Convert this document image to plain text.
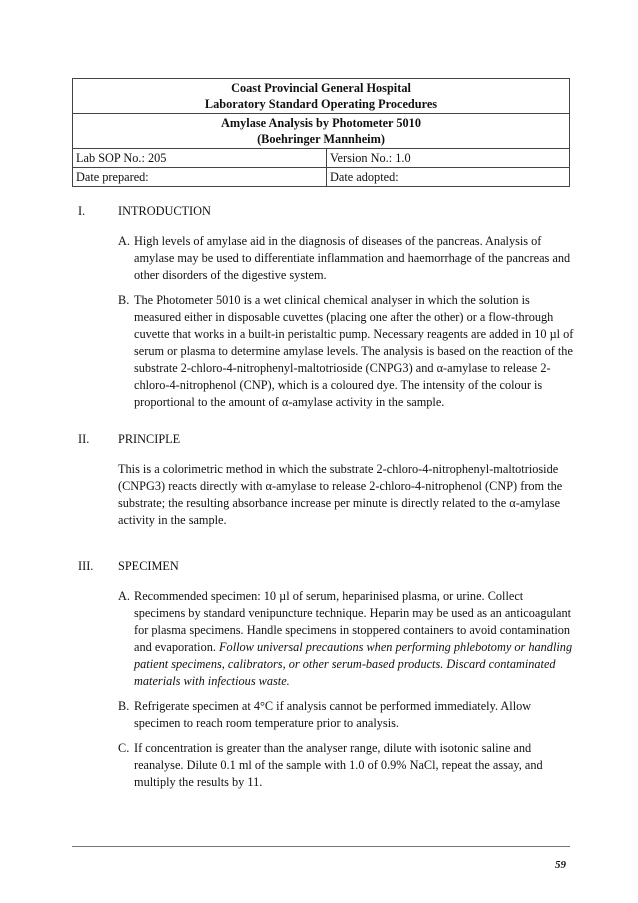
Coast Provincial General Hospital
Laboratory Standard Operating Procedures	

Amylase Analysis by Photometer 5010
(Boehringer Mannheim)	

Lab SOP No.: 205	Version No.: 1.0
Date prepared:	Date adopted:
I.	INTRODUCTION
A. High levels of amylase aid in the diagnosis of diseases of the pancreas. Analysis of amylase may be used to differentiate inflammation and haemorrhage of the pancreas and other disorders of the digestive system.
B. The Photometer 5010 is a wet clinical chemical analyser in which the solution is measured either in disposable cuvettes (placing one after the other) or a flow-through cuvette that works in a built-in peristaltic pump. Necessary reagents are added in 10 µl of serum or plasma to determine amylase levels. The analysis is based on the reaction of the substrate 2-chloro-4-nitrophenyl-maltotrioside (CNPG3) and α-amylase to release 2-chloro-4-nitrophenol (CNP), which is a coloured dye. The intensity of the colour is proportional to the amount of α-amylase activity in the sample.
II. PRINCIPLE
This is a colorimetric method in which the substrate 2-chloro-4-nitrophenyl-maltotrioside (CNPG3) reacts directly with α-amylase to release 2-chloro-4-nitrophenol (CNP) from the substrate; the resulting absorbance increase per minute is directly related to the α-amylase activity in the sample.
III. SPECIMEN
A. Recommended specimen: 10 µl of serum, heparinised plasma, or urine. Collect specimens by standard venipuncture technique. Heparin may be used as an anticoagulant for plasma specimens. Handle specimens in stoppered containers to avoid contamination and evaporation. Follow universal precautions when performing phlebotomy or handling patient specimens, calibrators, or other serum-based products. Discard contaminated materials with infectious waste.
B. Refrigerate specimen at 4°C if analysis cannot be performed immediately. Allow specimen to reach room temperature prior to analysis.
C. If concentration is greater than the analyser range, dilute with isotonic saline and reanalyse. Dilute 0.1 ml of the sample with 1.0 of 0.9% NaCl, repeat the assay, and multiply the results by 11.
59
